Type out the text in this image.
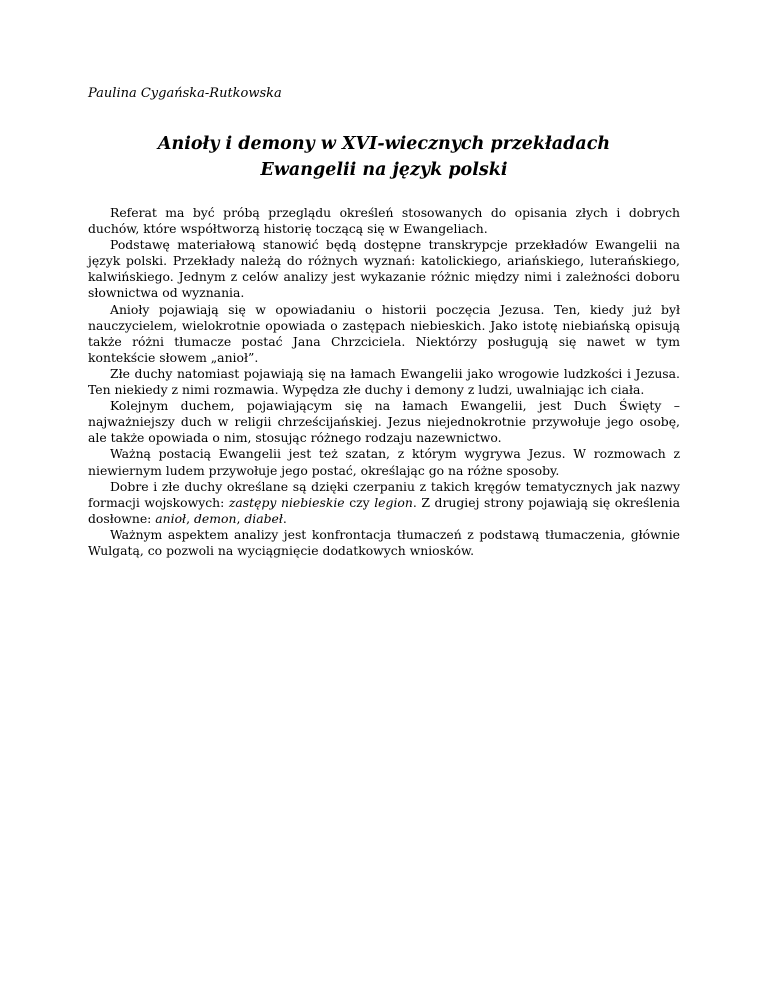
Paulina Cygańska-Rutkowska
Anioły i demony w XVI-wiecznych przekładach
Ewangelii na język polski

Referat ma być próbą przeglądu określeń stosowanych do opisania złych i dobrych duchów, które współtworzą historię toczącą się w Ewangeliach.

Podstawę materiałową stanowić będą dostępne transkrypcje przekładów Ewangelii na język polski. Przekłady należą do różnych wyznań: katolickiego, ariańskiego, luterańskiego, kalwińskiego. Jednym z celów analizy jest wykazanie różnic między nimi i zależności doboru słownictwa od wyznania.

Anioły pojawiają się w opowiadaniu o historii poczęcia Jezusa. Ten, kiedy już był nauczycielem, wielokrotnie opowiada o zastępach niebieskich. Jako istotę niebiańską opisują także różni tłumacze postać Jana Chrzciciela. Niektórzy posługują się nawet w tym kontekście słowem „anioł”.

Złe duchy natomiast pojawiają się na łamach Ewangelii jako wrogowie ludzkości i Jezusa. Ten niekiedy z nimi rozmawia. Wypędza złe duchy i demony z ludzi, uwalniając ich ciała.

Kolejnym duchem, pojawiającym się na łamach Ewangelii, jest Duch Święty – najważniejszy duch w religii chrześcijańskiej. Jezus niejednokrotnie przywołuje jego osobę, ale także opowiada o nim, stosując różnego rodzaju nazewnictwo.

Ważną postacią Ewangelii jest też szatan, z którym wygrywa Jezus. W rozmowach z niewiernym ludem przywołuje jego postać, określając go na różne sposoby.

Dobre i złe duchy określane są dzięki czerpaniu z takich kręgów tematycznych jak nazwy formacji wojskowych: zastępy niebieskie czy legion. Z drugiej strony pojawiają się określenia dosłowne: anioł, demon, diabeł.

Ważnym aspektem analizy jest konfrontacja tłumaczeń z podstawą tłumaczenia, głównie Wulgatą, co pozwoli na wyciągnięcie dodatkowych wniosków.
